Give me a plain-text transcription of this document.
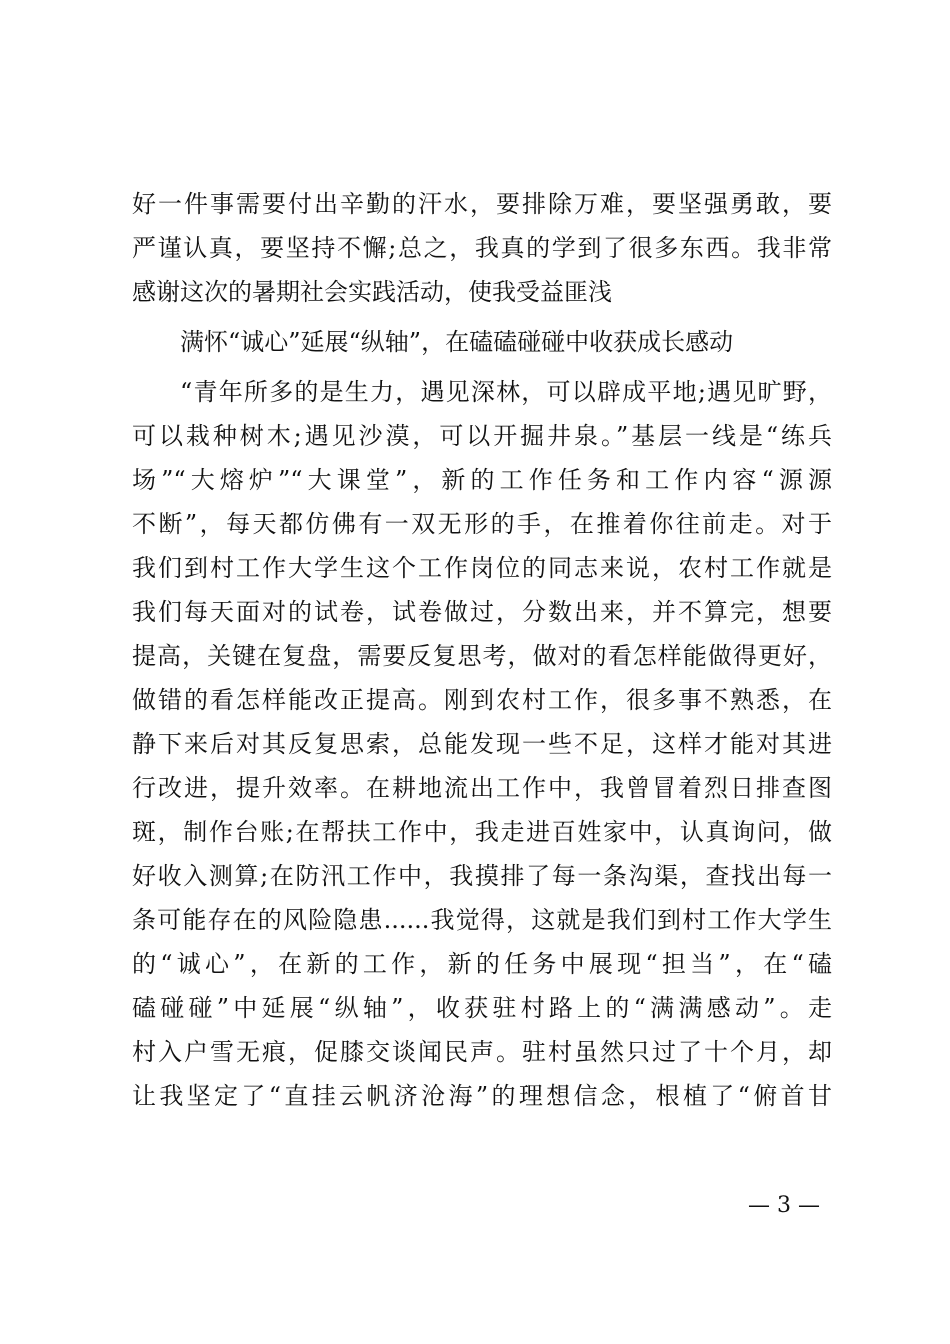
好一件事需要付出辛勤的汗水，要排除万难，要坚强勇敢，要
严谨认真，要坚持不懈;总之，我真的学到了很多东西。我非常
感谢这次的暑期社会实践活动，使我受益匪浅
满怀“诚心”延展“纵轴”，在磕磕碰碰中收获成长感动
“青年所多的是生力，遇见深林，可以辟成平地;遇见旷野，
可以栽种树木;遇见沙漠，可以开掘井泉。”基层一线是“练兵
场”“大熔炉”“大课堂”，新的工作任务和工作内容“源源
不断”，每天都仿佛有一双无形的手，在推着你往前走。对于
我们到村工作大学生这个工作岗位的同志来说，农村工作就是
我们每天面对的试卷，试卷做过，分数出来，并不算完，想要
提高，关键在复盘，需要反复思考，做对的看怎样能做得更好，
做错的看怎样能改正提高。刚到农村工作，很多事不熟悉，在
静下来后对其反复思索，总能发现一些不足，这样才能对其进
行改进，提升效率。在耕地流出工作中，我曾冒着烈日排查图
斑，制作台账;在帮扶工作中，我走进百姓家中，认真询问，做
好收入测算;在防汛工作中，我摸排了每一条沟渠，查找出每一
条可能存在的风险隐患......我觉得，这就是我们到村工作大学生
的“诚心”，在新的工作，新的任务中展现“担当”，在“磕
磕碰碰”中延展“纵轴”，收获驻村路上的“满满感动”。走
村入户雪无痕，促膝交谈闻民声。驻村虽然只过了十个月，却
让我坚定了“直挂云帆济沧海”的理想信念，根植了“俯首甘
— 3 —
